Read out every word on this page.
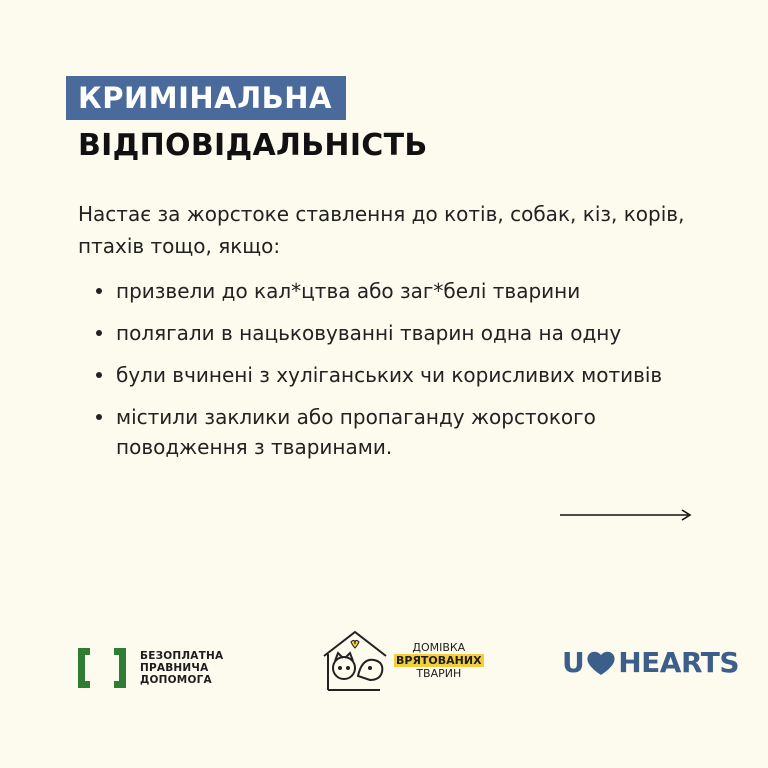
КРИМІНАЛЬНА
ВІДПОВІДАЛЬНІСТЬ
Настає за жорстоке ставлення до котів, собак, кіз, корів, птахів тощо, якщо:
призвели до кал*цтва або заг*белі тварини
полягали в нацьковуванні тварин одна на одну
були вчинені з хуліганських чи корисливих мотивів
містили заклики або пропаганду жорстокого поводження з тваринами.
БЕЗОПЛАТНА
ПРАВНИЧА
ДОПОМОГА
ДОМІВКА
ВРЯТОВАНИХ
ТВАРИН	U HEARTS
